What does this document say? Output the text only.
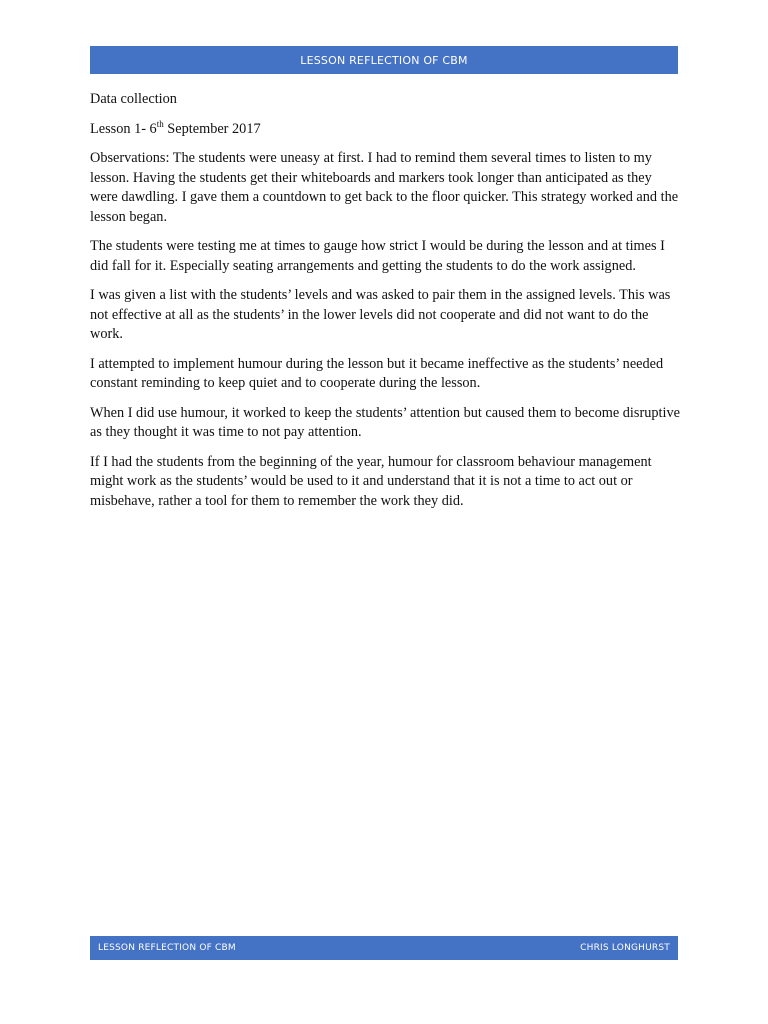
LESSON REFLECTION OF CBM

Data collection

Lesson 1- 6th September 2017

Observations: The students were uneasy at first. I had to remind them several times to listen to my lesson. Having the students get their whiteboards and markers took longer than anticipated as they were dawdling. I gave them a countdown to get back to the floor quicker. This strategy worked and the lesson began.

The students were testing me at times to gauge how strict I would be during the lesson and at times I did fall for it. Especially seating arrangements and getting the students to do the work assigned.

I was given a list with the students’ levels and was asked to pair them in the assigned levels. This was not effective at all as the students’ in the lower levels did not cooperate and did not want to do the work.

I attempted to implement humour during the lesson but it became ineffective as the students’ needed constant reminding to keep quiet and to cooperate during the lesson.

When I did use humour, it worked to keep the students’ attention but caused them to become disruptive as they thought it was time to not pay attention.

If I had the students from the beginning of the year, humour for classroom behaviour management might work as the students’ would be used to it and understand that it is not a time to act out or misbehave, rather a tool for them to remember the work they did.

LESSON REFLECTION OF CBM	CHRIS LONGHURST
